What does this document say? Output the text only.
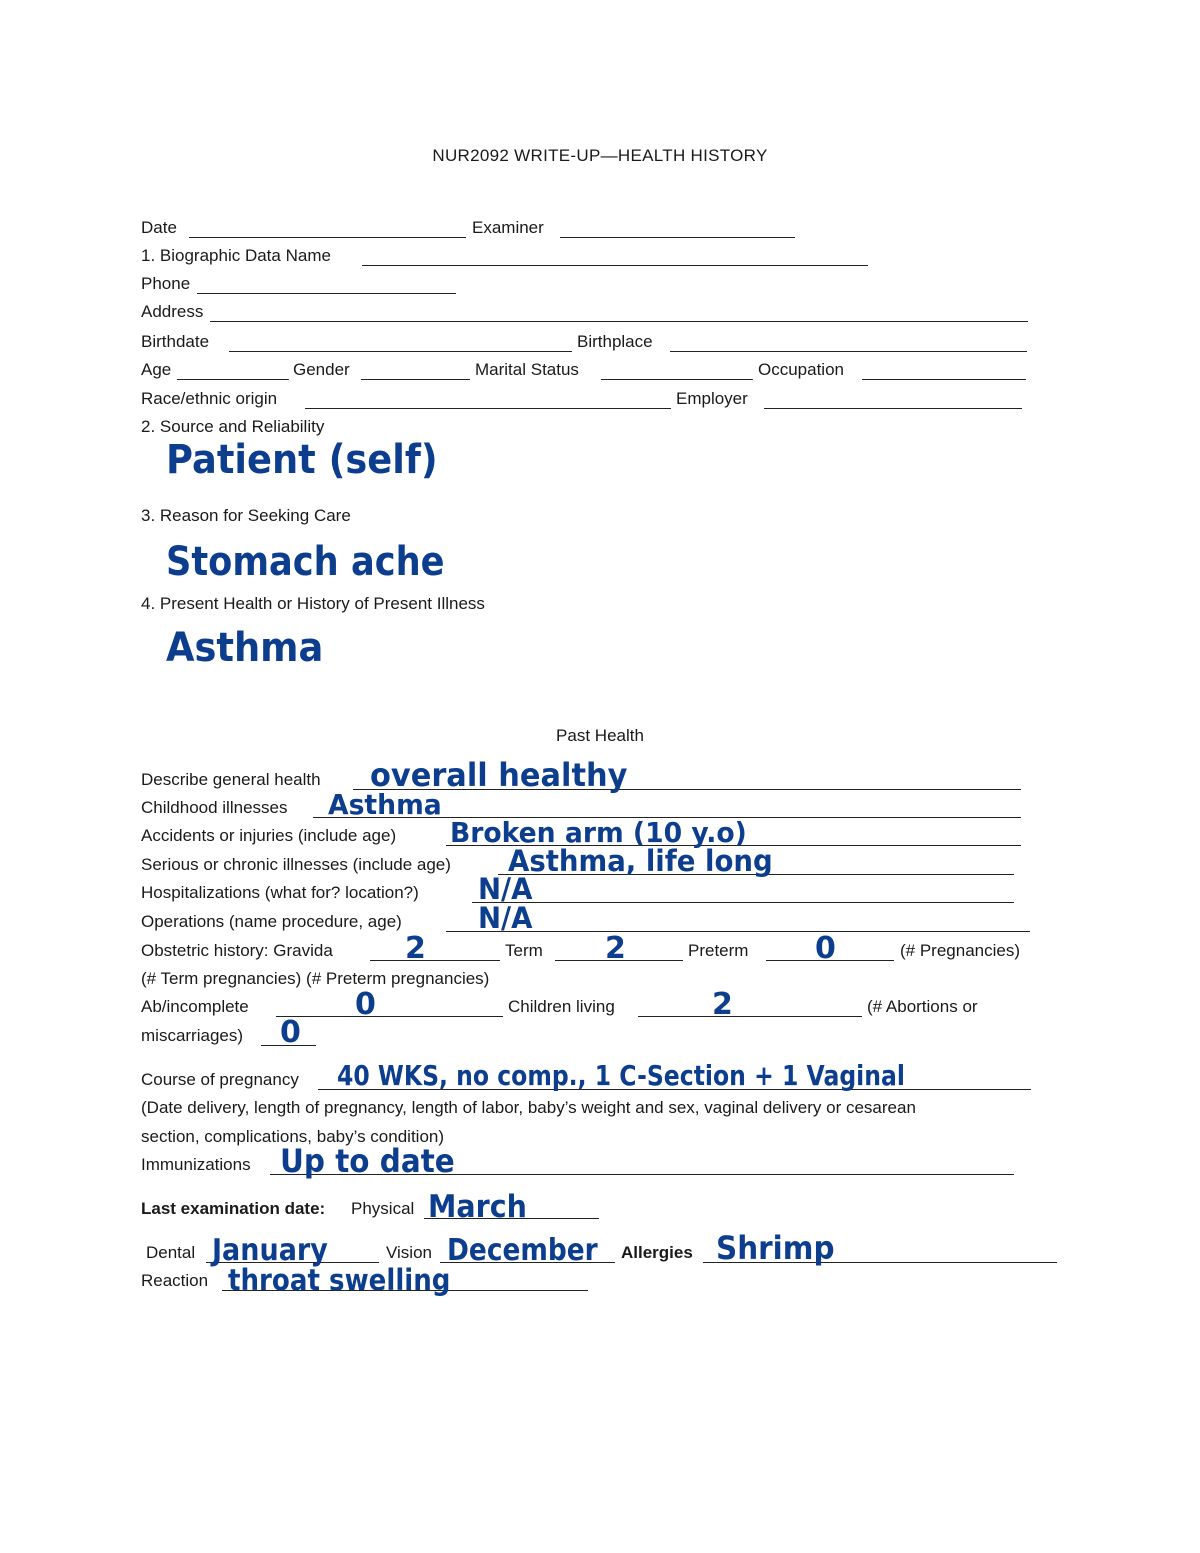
NUR2092 WRITE-UP—HEALTH HISTORY
Date	Examiner
1. Biographic Data Name
Phone
Address
Birthdate	Birthplace
Age	Gender	Marital Status	Occupation
Race/ethnic origin	Employer
2. Source and Reliability
Patient (self)
3. Reason for Seeking Care
Stomach ache
4. Present Health or History of Present Illness
Asthma
Past Health
Describe general health overall healthy
Childhood illnesses Asthma
Accidents or injuries (include age) Broken arm (10 y.o)
Serious or chronic illnesses (include age) Asthma, life long
Hospitalizations (what for? location?) N/A
Operations (name procedure, age)	N/A
Obstetric history: Gravida 2	Term 2	Preterm 0	(# Pregnancies)
(# Term pregnancies) (# Preterm pregnancies)
Ab/incomplete	0	Children living	2	(# Abortions or
miscarriages) 0
Course of pregnancy 40 WKS, no comp., 1 C-Section + 1 Vaginal
(Date delivery, length of pregnancy, length of labor, baby’s weight and sex, vaginal delivery or cesarean
section, complications, baby’s condition)
Immunizations Up to date
Last examination date: Physical March
Dental January	Vision December Allergies Shrimp
Reaction throat swelling
